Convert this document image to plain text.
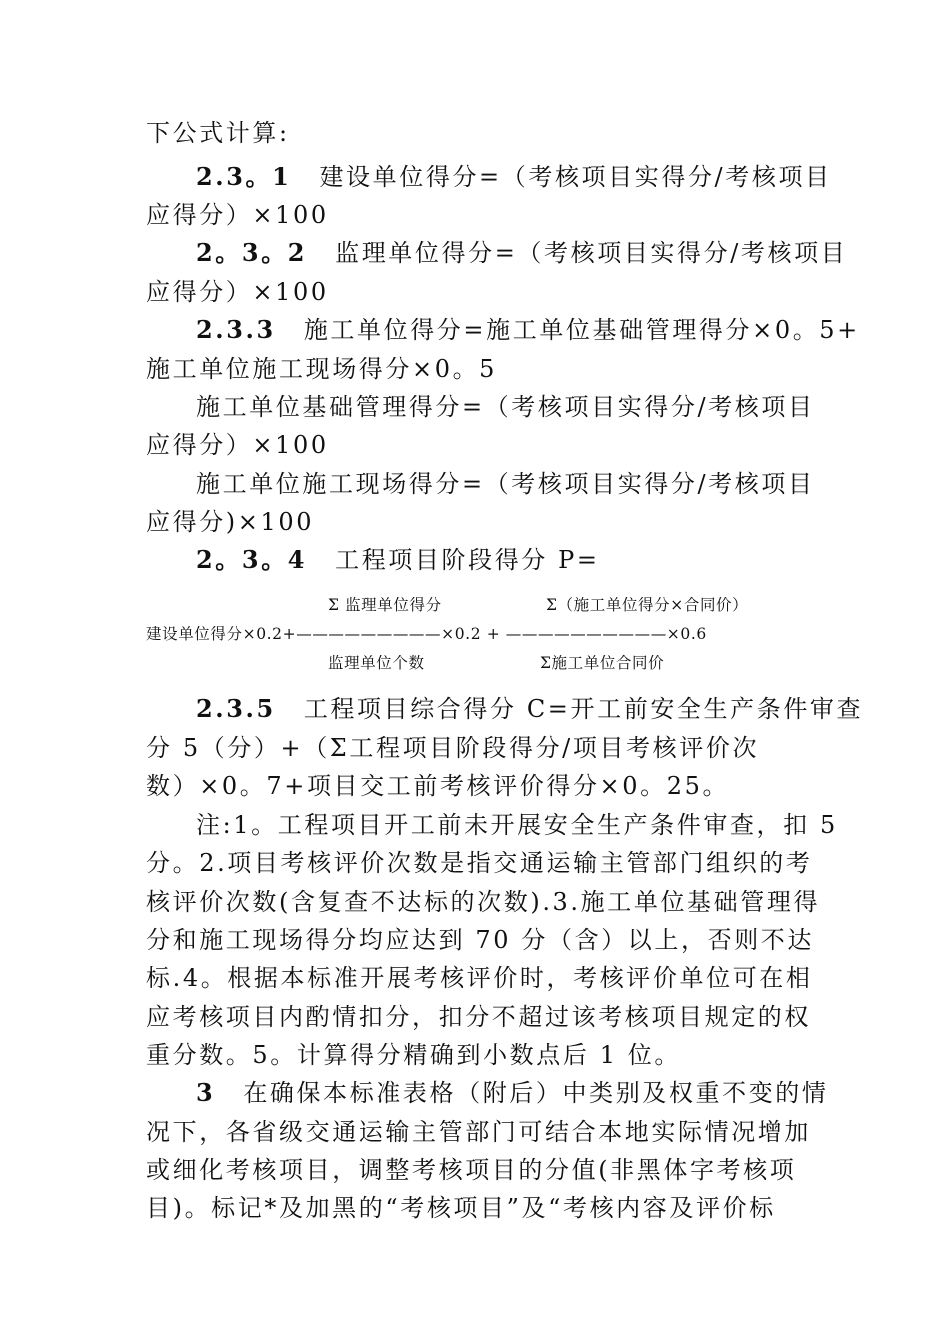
下公式计算:
2.3。1 建设单位得分=（考核项目实得分/考核项目
应得分）×100
2。3。2 监理单位得分=（考核项目实得分/考核项目
应得分）×100
2.3.3 施工单位得分=施工单位基础管理得分×0。5+
施工单位施工现场得分×0。5
施工单位基础管理得分=（考核项目实得分/考核项目
应得分）×100
施工单位施工现场得分=（考核项目实得分/考核项目
应得分)×100
2。3。4 工程项目阶段得分 P=
Σ 监理单位得分	Σ（施工单位得分×合同价）
建设单位得分×0.2+—————————×0.2 + ——————————×0.6
监理单位个数	Σ施工单位合同价
2.3.5 工程项目综合得分 C=开工前安全生产条件审查
分 5（分）+（Σ工程项目阶段得分/项目考核评价次
数）×0。7+项目交工前考核评价得分×0。25。
注:1。工程项目开工前未开展安全生产条件审查，扣 5
分。2.项目考核评价次数是指交通运输主管部门组织的考
核评价次数(含复查不达标的次数).3.施工单位基础管理得
分和施工现场得分均应达到 70 分（含）以上，否则不达
标.4。根据本标准开展考核评价时，考核评价单位可在相
应考核项目内酌情扣分，扣分不超过该考核项目规定的权
重分数。5。计算得分精确到小数点后 1 位。
3 在确保本标准表格（附后）中类别及权重不变的情
况下，各省级交通运输主管部门可结合本地实际情况增加
或细化考核项目，调整考核项目的分值(非黑体字考核项
目)。标记*及加黑的“考核项目”及“考核内容及评价标
